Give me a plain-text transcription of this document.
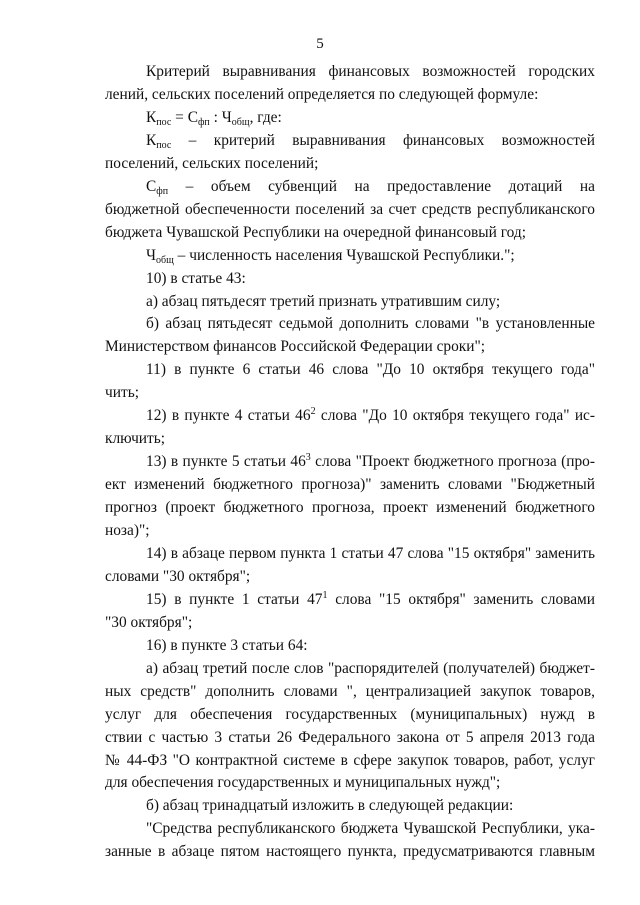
5
Критерий выравнивания финансовых возможностей городских
лений, сельских поселений определяется по следующей формуле:
$К_{пос} = С_{фп}$ : $Ч_{общ}$, где:
$К_{пос}$ – критерий выравнивания финансовых возможностей
поселений, сельских поселений;
$С_{фп}$ – объем субвенций на предоставление дотаций на
бюджетной обеспеченности поселений за счет средств республиканского
бюджета Чувашской Республики на очередной финансовый год;
$Ч_{общ}$ – численность населения Чувашской Республики.";
10) в статье 43:
а) абзац пятьдесят третий признать утратившим силу;
б) абзац пятьдесят седьмой дополнить словами "в установленные
Министерством финансов Российской Федерации сроки";
11) в пункте 6 статьи 46 слова "До 10 октября текущего года"
чить;
12) в пункте 4 статьи $46^2$ слова "До 10 октября текущего года" ис-
ключить;
13) в пункте 5 статьи $46^3$ слова "Проект бюджетного прогноза (про-
ект изменений бюджетного прогноза)" заменить словами "Бюджетный
прогноз (проект бюджетного прогноза, проект изменений бюджетного
ноза)";
14) в абзаце первом пункта 1 статьи 47 слова "15 октября" заменить
словами "30 октября";
15) в пункте 1 статьи $47^1$ слова "15 октября" заменить словами
"30 октября";
16) в пункте 3 статьи 64:
а) абзац третий после слов "распорядителей (получателей) бюджет-
ных средств" дополнить словами ", централизацией закупок товаров,
услуг для обеспечения государственных (муниципальных) нужд в
ствии с частью 3 статьи 26 Федерального закона от 5 апреля 2013 года
№ 44-ФЗ "О контрактной системе в сфере закупок товаров, работ, услуг
для обеспечения государственных и муниципальных нужд";
б) абзац тринадцатый изложить в следующей редакции:
"Средства республиканского бюджета Чувашской Республики, ука-
занные в абзаце пятом настоящего пункта, предусматриваются главным
